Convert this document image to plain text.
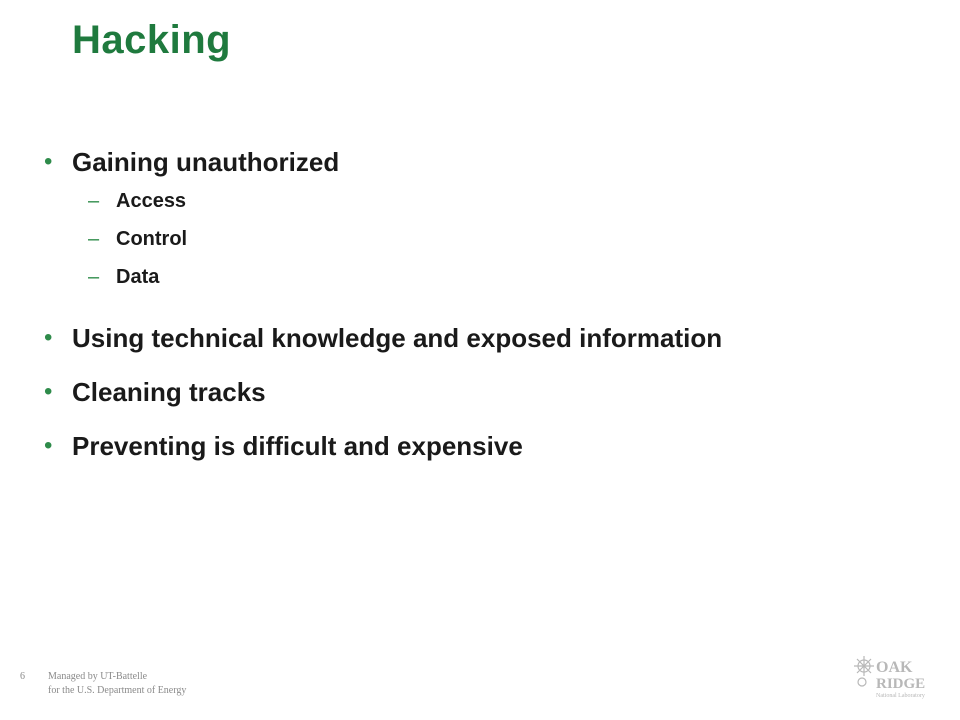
Hacking
• Gaining unauthorized
– Access
– Control
– Data
• Using technical knowledge and exposed information
• Cleaning tracks
• Preventing is difficult and expensive
6 Managed by UT-Battelle
for the U.S. Department of Energy
OAK
RIDGE
National Laboratory
